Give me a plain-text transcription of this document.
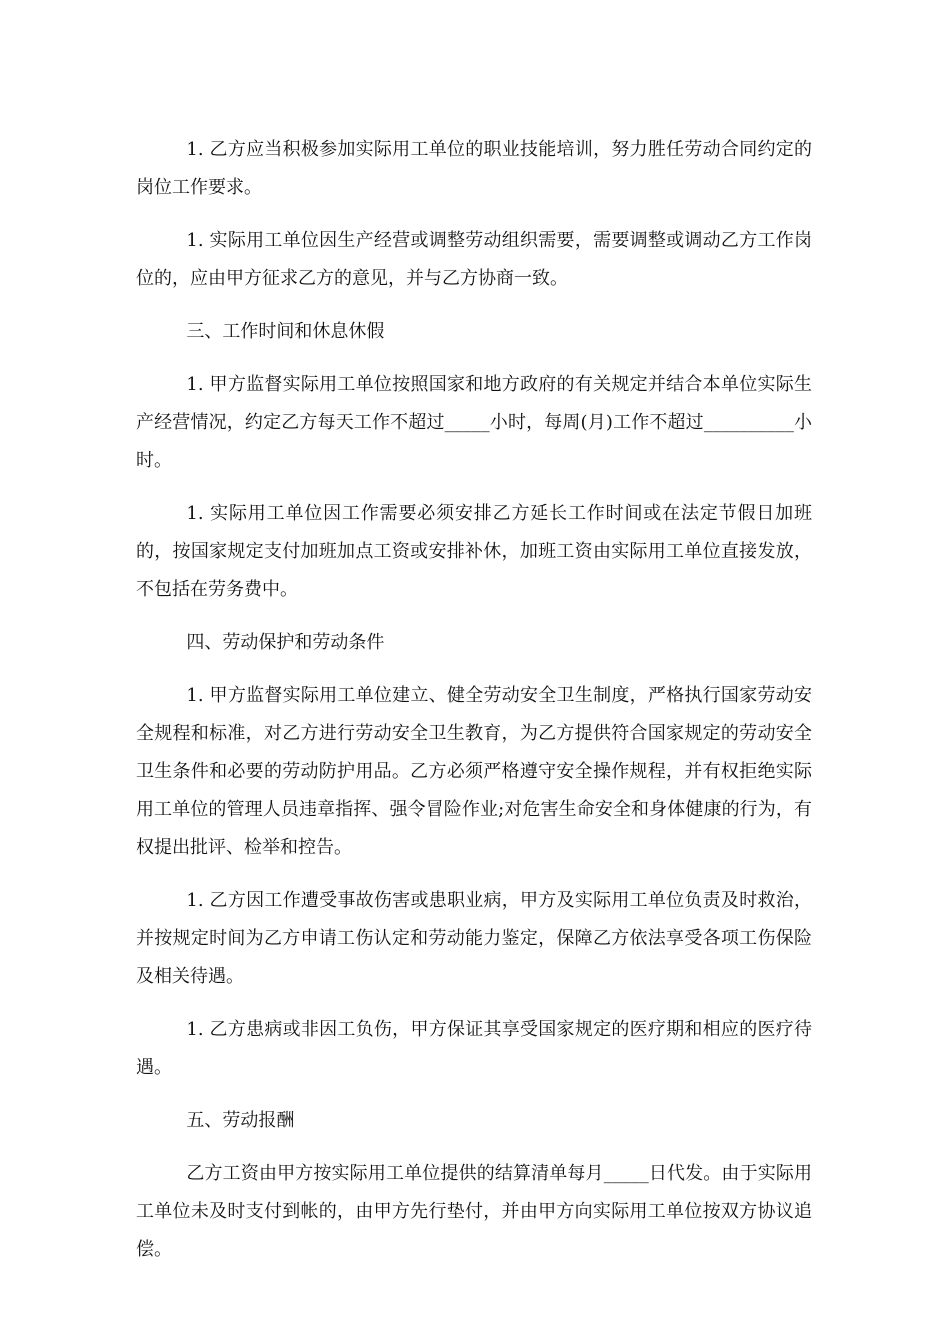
1. 乙方应当积极参加实际用工单位的职业技能培训，努力胜任劳动合同约定的岗位工作要求。

1. 实际用工单位因生产经营或调整劳动组织需要，需要调整或调动乙方工作岗位的，应由甲方征求乙方的意见，并与乙方协商一致。

三、工作时间和休息休假

1. 甲方监督实际用工单位按照国家和地方政府的有关规定并结合本单位实际生产经营情况，约定乙方每天工作不超过_____小时，每周(月)工作不超过__________小时。

1. 实际用工单位因工作需要必须安排乙方延长工作时间或在法定节假日加班的，按国家规定支付加班加点工资或安排补休，加班工资由实际用工单位直接发放，不包括在劳务费中。

四、劳动保护和劳动条件

1. 甲方监督实际用工单位建立、健全劳动安全卫生制度，严格执行国家劳动安全规程和标准，对乙方进行劳动安全卫生教育，为乙方提供符合国家规定的劳动安全卫生条件和必要的劳动防护用品。乙方必须严格遵守安全操作规程，并有权拒绝实际用工单位的管理人员违章指挥、强令冒险作业;对危害生命安全和身体健康的行为，有权提出批评、检举和控告。

1. 乙方因工作遭受事故伤害或患职业病，甲方及实际用工单位负责及时救治，并按规定时间为乙方申请工伤认定和劳动能力鉴定，保障乙方依法享受各项工伤保险及相关待遇。

1. 乙方患病或非因工负伤，甲方保证其享受国家规定的医疗期和相应的医疗待遇。

五、劳动报酬

乙方工资由甲方按实际用工单位提供的结算清单每月_____日代发。由于实际用工单位未及时支付到帐的，由甲方先行垫付，并由甲方向实际用工单位按双方协议追偿。
